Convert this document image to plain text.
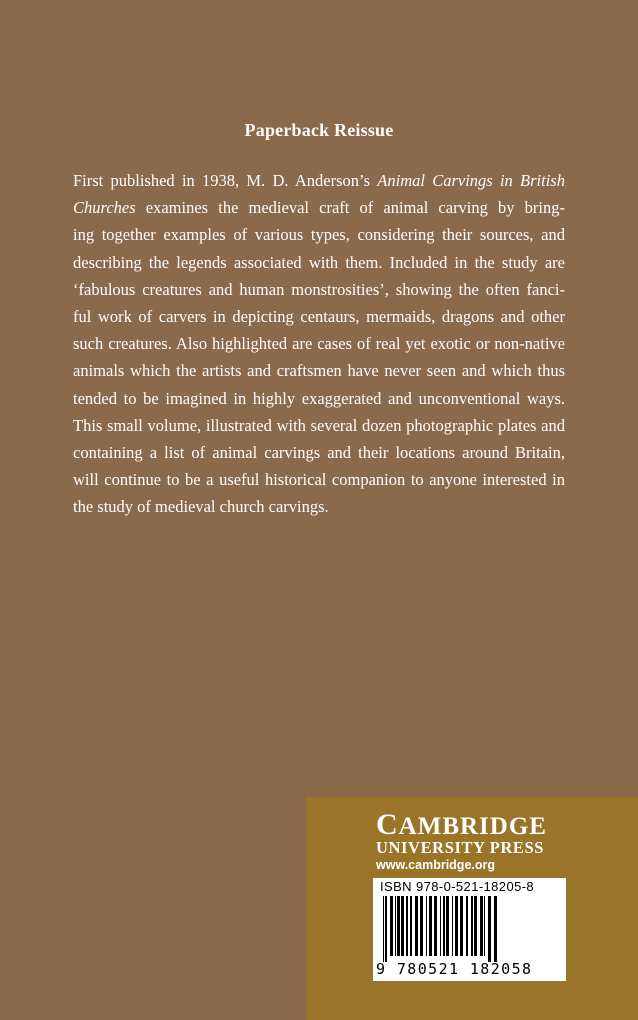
Paperback Reissue
First published in 1938, M. D. Anderson’s Animal Carvings in British
Churches examines the medieval craft of animal carving by bring-
ing together examples of various types, considering their sources, and
describing the legends associated with them. Included in the study are
‘fabulous creatures and human monstrosities’, showing the often fanci-
ful work of carvers in depicting centaurs, mermaids, dragons and other
such creatures. Also highlighted are cases of real yet exotic or non-native
animals which the artists and craftsmen have never seen and which thus
tended to be imagined in highly exaggerated and unconventional ways.
This small volume, illustrated with several dozen photographic plates and
containing a list of animal carvings and their locations around Britain,
will continue to be a useful historical companion to anyone interested in
the study of medieval church carvings.
CAMBRIDGE
UNIVERSITY PRESS
www.cambridge.org
ISBN 978-0-521-18205-8
9 780521 182058
